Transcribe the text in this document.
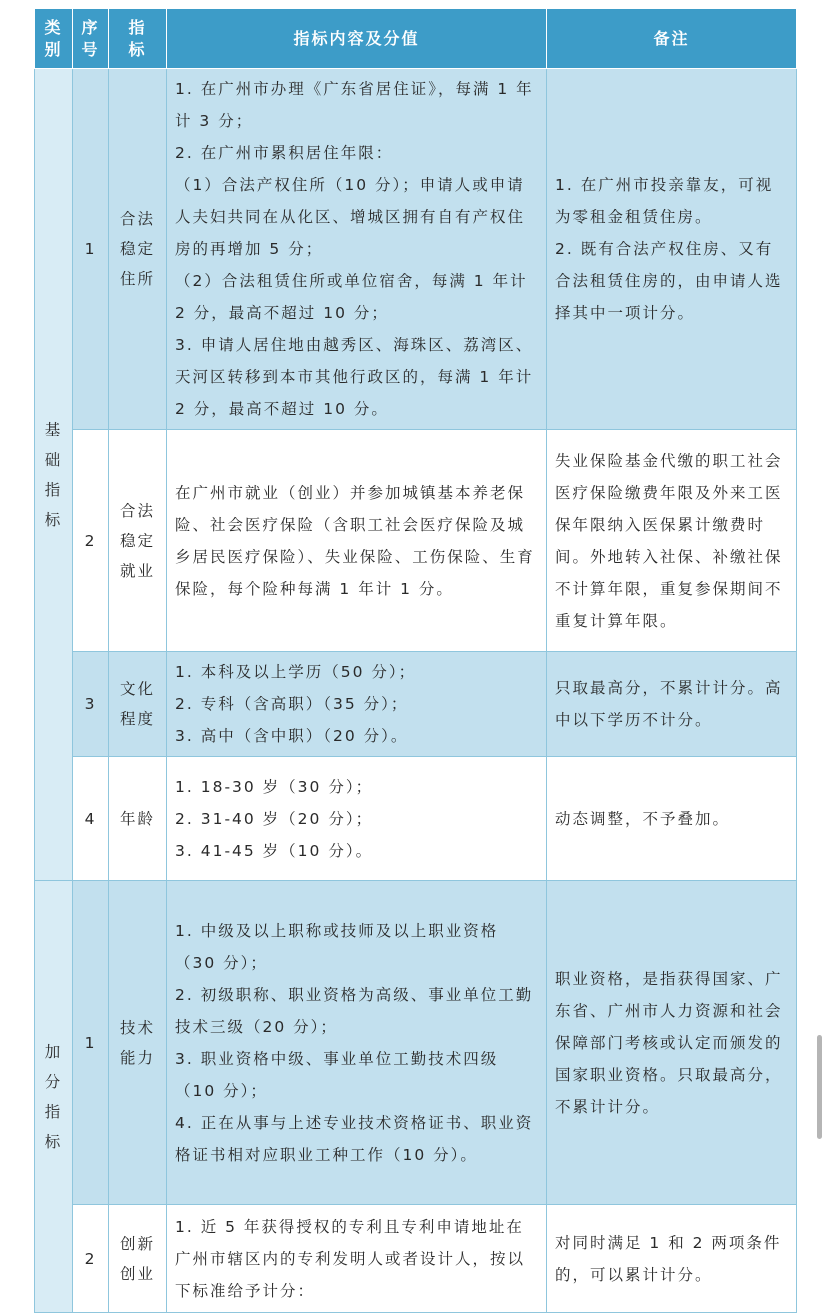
类别	序号	指标	指标内容及分值	备注
基础指标	1	合法稳定住所	1. 在广州市办理《广东省居住证》，每满 1 年计 3 分；
2. 在广州市累积居住年限：
（1）合法产权住所（10 分）；申请人或申请人夫妇共同在从化区、增城区拥有自有产权住房的再增加 5 分；
（2）合法租赁住所或单位宿舍，每满 1 年计 2 分，最高不超过 10 分；
3. 申请人居住地由越秀区、海珠区、荔湾区、天河区转移到本市其他行政区的，每满 1 年计 2 分，最高不超过 10 分。	1. 在广州市投亲靠友，可视为零租金租赁住房。
2. 既有合法产权住房、又有合法租赁住房的，由申请人选择其中一项计分。

	2	合法稳定就业	在广州市就业（创业）并参加城镇基本养老保险、社会医疗保险（含职工社会医疗保险及城乡居民医疗保险）、失业保险、工伤保险、生育保险，每个险种每满 1 年计 1 分。	失业保险基金代缴的职工社会医疗保险缴费年限及外来工医保年限纳入医保累计缴费时间。外地转入社保、补缴社保不计算年限，重复参保期间不重复计算年限。

	3	文化程度	1. 本科及以上学历（50 分）；
2. 专科（含高职）（35 分）；
3. 高中（含中职）（20 分）。	只取最高分，不累计计分。高中以下学历不计分。

	4	年龄	1. 18-30 岁（30 分）；
2. 31-40 岁（20 分）；
3. 41-45 岁（10 分）。	动态调整，不予叠加。

加分指标	1	技术能力	1. 中级及以上职称或技师及以上职业资格（30 分）；
2. 初级职称、职业资格为高级、事业单位工勤技术三级（20 分）；
3. 职业资格中级、事业单位工勤技术四级（10 分）；
4. 正在从事与上述专业技术资格证书、职业资格证书相对应职业工种工作（10 分）。	职业资格，是指获得国家、广东省、广州市人力资源和社会保障部门考核或认定而颁发的国家职业资格。只取最高分，不累计计分。

	2	创新创业	1. 近 5 年获得授权的专利且专利申请地址在广州市辖区内的专利发明人或者设计人，按以下标准给予计分：	对同时满足 1 和 2 两项条件的，可以累计计分。
